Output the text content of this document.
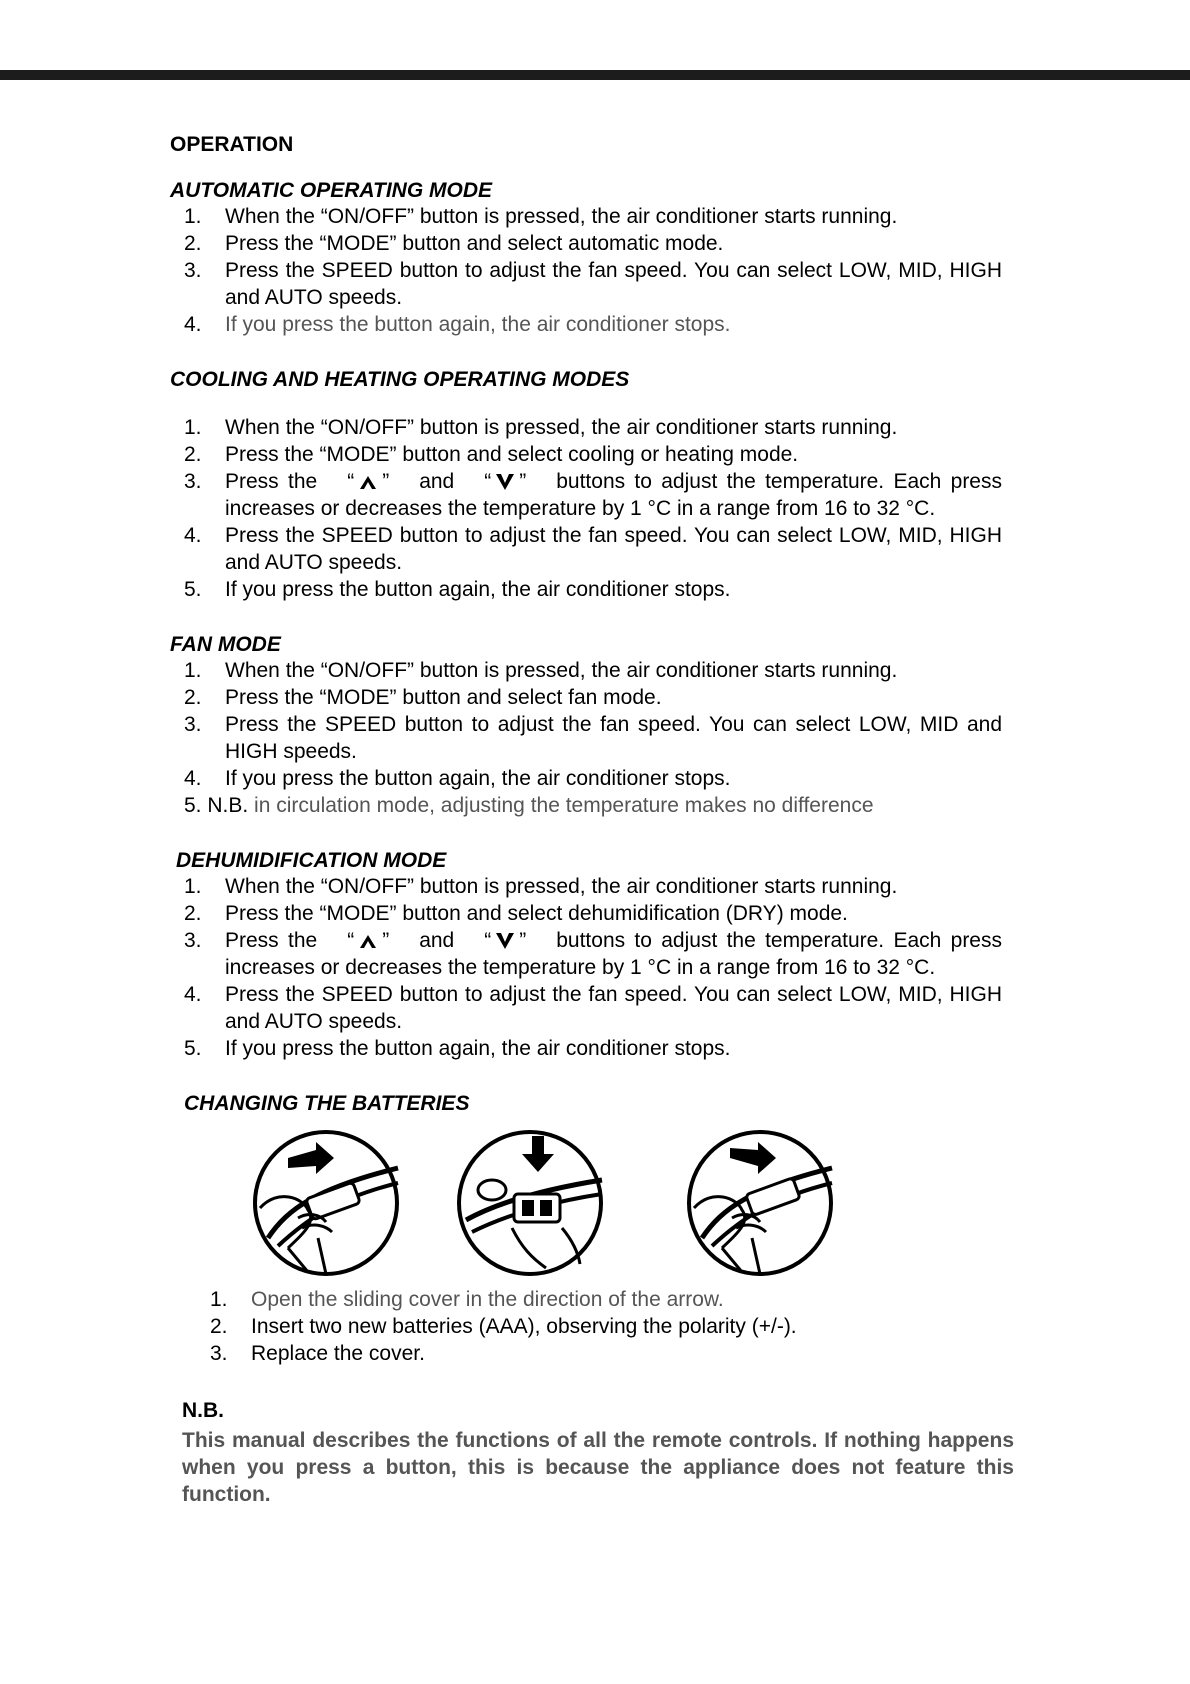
OPERATION
AUTOMATIC OPERATING MODE
1.	When the “ON/OFF” button is pressed, the air conditioner starts running.
2.	Press the “MODE” button and select automatic mode.
3.	Press the SPEED button to adjust the fan speed. You can select LOW, MID, HIGH and AUTO speeds.
4.	If you press the button again, the air conditioner stops.
COOLING AND HEATING OPERATING MODES
1.	When the “ON/OFF” button is pressed, the air conditioner starts running.
2.	Press the “MODE” button and select cooling or heating mode.
3.	Press the “ ” and “ ” buttons to adjust the temperature. Each press increases or decreases the temperature by 1 °C in a range from 16 to 32 °C.
4.	Press the SPEED button to adjust the fan speed. You can select LOW, MID, HIGH and AUTO speeds.
5.	If you press the button again, the air conditioner stops.
FAN MODE
1.	When the “ON/OFF” button is pressed, the air conditioner starts running.
2.	Press the “MODE” button and select fan mode.
3.	Press the SPEED button to adjust the fan speed. You can select LOW, MID and HIGH speeds.
4.	If you press the button again, the air conditioner stops.
5. N.B. in circulation mode, adjusting the temperature makes no difference
DEHUMIDIFICATION MODE
1.	When the “ON/OFF” button is pressed, the air conditioner starts running.
2.	Press the “MODE” button and select dehumidification (DRY) mode.
3.	Press the “ ” and “ ” buttons to adjust the temperature. Each press increases or decreases the temperature by 1 °C in a range from 16 to 32 °C.
4.	Press the SPEED button to adjust the fan speed. You can select LOW, MID, HIGH and AUTO speeds.
5.	If you press the button again, the air conditioner stops.
CHANGING THE BATTERIES
1.	Open the sliding cover in the direction of the arrow.
2.	Insert two new batteries (AAA), observing the polarity (+/-).
3.	Replace the cover.
N.B.
This manual describes the functions of all the remote controls. If nothing happens when you press a button, this is because the appliance does not feature this function.
